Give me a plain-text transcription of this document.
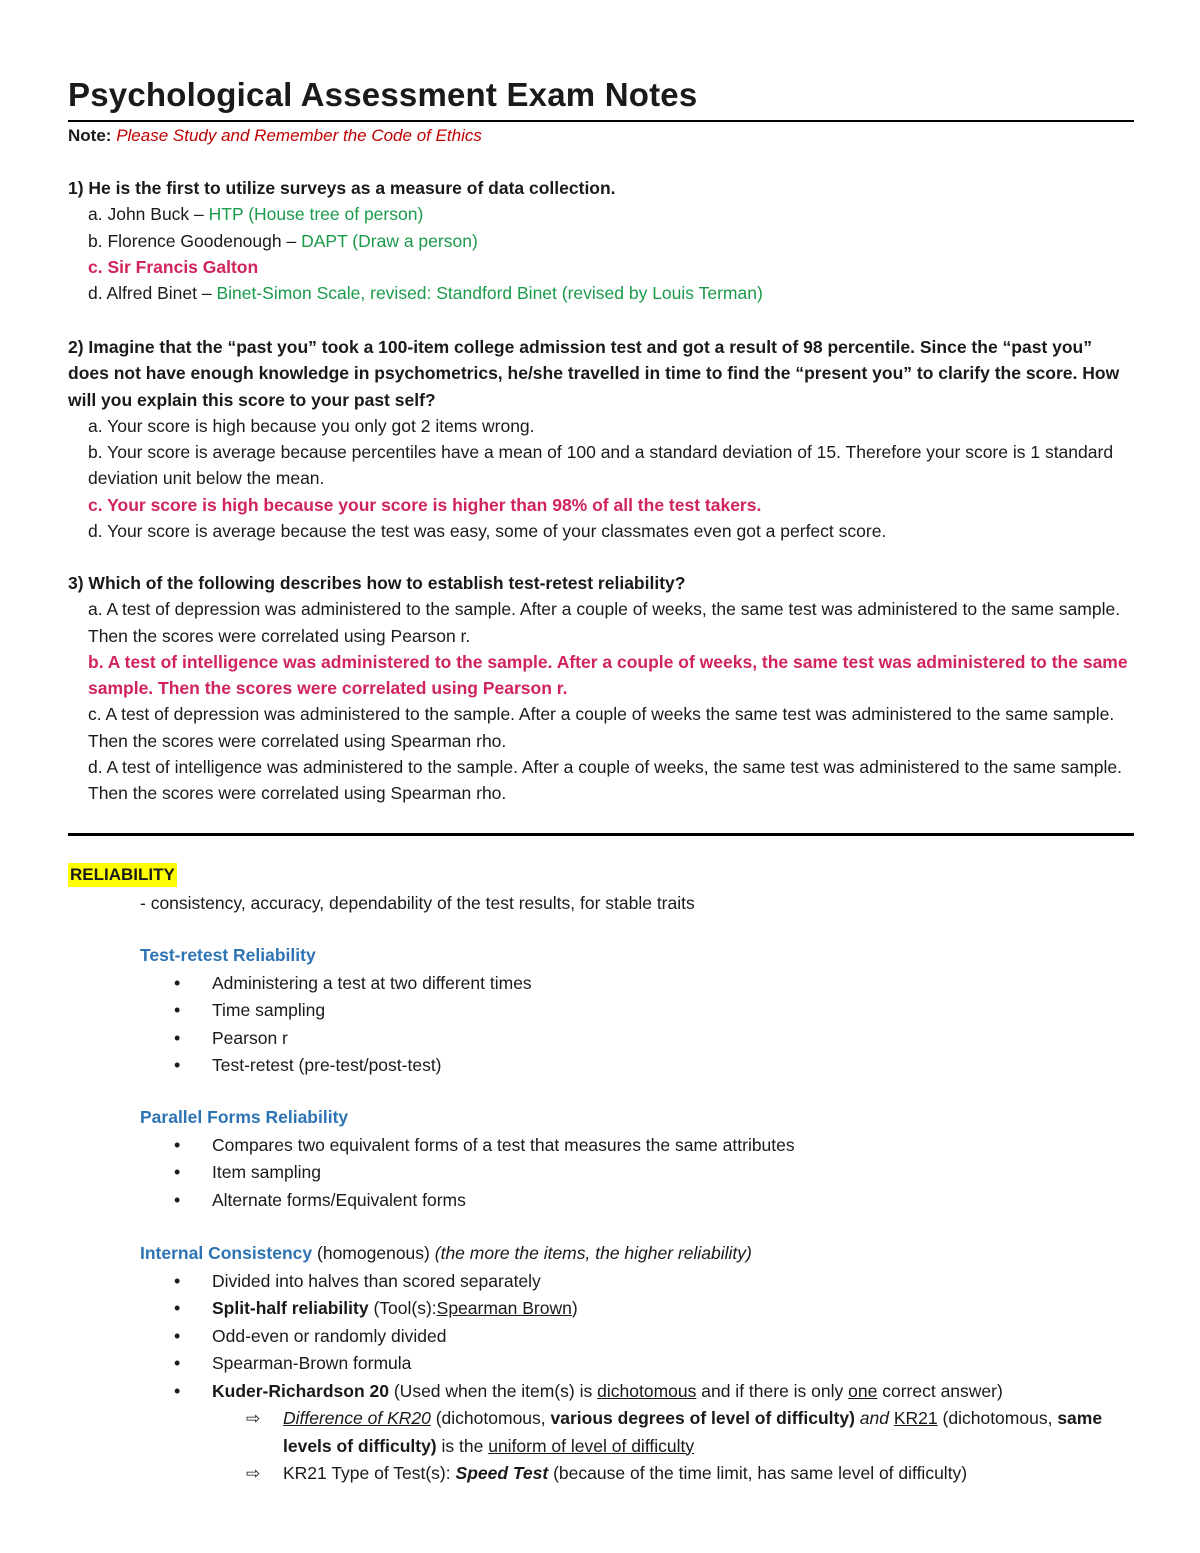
Psychological Assessment Exam Notes
Note: Please Study and Remember the Code of Ethics
1) He is the first to utilize surveys as a measure of data collection.
a. John Buck – HTP (House tree of person)
b. Florence Goodenough – DAPT (Draw a person)
c. Sir Francis Galton
d. Alfred Binet – Binet-Simon Scale, revised: Standford Binet (revised by Louis Terman)
2) Imagine that the “past you” took a 100-item college admission test and got a result of 98 percentile. Since the “past you” does not have enough knowledge in psychometrics, he/she travelled in time to find the “present you” to clarify the score. How will you explain this score to your past self?
a. Your score is high because you only got 2 items wrong.
b. Your score is average because percentiles have a mean of 100 and a standard deviation of 15. Therefore your score is 1 standard deviation unit below the mean.
c. Your score is high because your score is higher than 98% of all the test takers.
d. Your score is average because the test was easy, some of your classmates even got a perfect score.
3) Which of the following describes how to establish test-retest reliability?
a. A test of depression was administered to the sample. After a couple of weeks, the same test was administered to the same sample. Then the scores were correlated using Pearson r.
b. A test of intelligence was administered to the sample. After a couple of weeks, the same test was administered to the same sample. Then the scores were correlated using Pearson r.
c. A test of depression was administered to the sample. After a couple of weeks the same test was administered to the same sample. Then the scores were correlated using Spearman rho.
d. A test of intelligence was administered to the sample. After a couple of weeks, the same test was administered to the same sample. Then the scores were correlated using Spearman rho.
RELIABILITY
- consistency, accuracy, dependability of the test results, for stable traits
Test-retest Reliability
• Administering a test at two different times
• Time sampling
• Pearson r
• Test-retest (pre-test/post-test)
Parallel Forms Reliability
• Compares two equivalent forms of a test that measures the same attributes
• Item sampling
• Alternate forms/Equivalent forms
Internal Consistency (homogenous) (the more the items, the higher reliability)
• Divided into halves than scored separately
• Split-half reliability (Tool(s):Spearman Brown)
• Odd-even or randomly divided
• Spearman-Brown formula
• Kuder-Richardson 20 (Used when the item(s) is dichotomous and if there is only one correct answer)
⇨	Difference of KR20 (dichotomous, various degrees of level of difficulty) and KR21 (dichotomous, same levels of difficulty) is the uniform of level of difficulty
⇨	KR21 Type of Test(s): Speed Test (because of the time limit, has same level of difficulty)
